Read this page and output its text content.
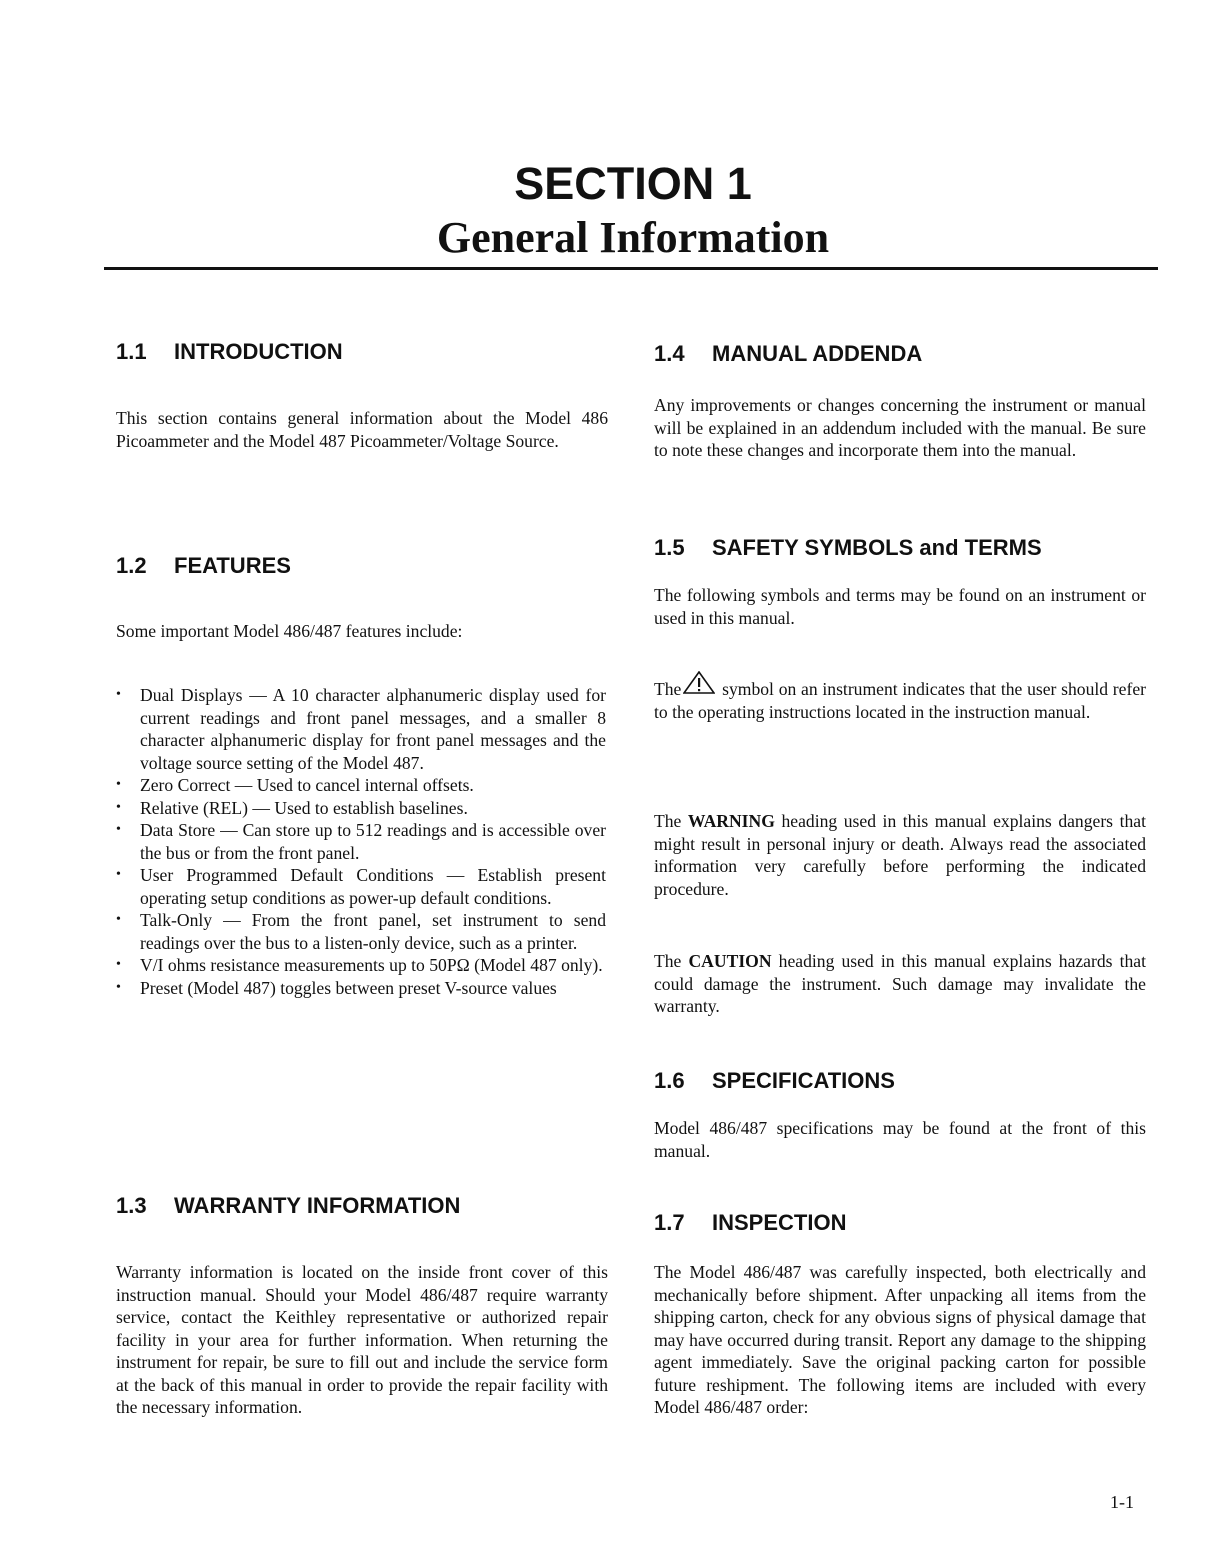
SECTION 1
General Information
1.1 INTRODUCTION
This section contains general information about the Model 486 Picoammeter and the Model 487 Picoammeter/Voltage Source.
1.2 FEATURES
Some important Model 486/487 features include:
• Dual Displays — A 10 character alphanumeric display used for current readings and front panel messages, and a smaller 8 character alphanumeric display for front panel messages and the voltage source setting of the Model 487.
• Zero Correct — Used to cancel internal offsets.
• Relative (REL) — Used to establish baselines.
• Data Store — Can store up to 512 readings and is accessible over the bus or from the front panel.
• User Programmed Default Conditions — Establish present operating setup conditions as power-up default conditions.
• Talk-Only — From the front panel, set instrument to send readings over the bus to a listen-only device, such as a printer.
• V/I ohms resistance measurements up to 50PΩ (Model 487 only).
• Preset (Model 487) toggles between preset V-source values
1.3 WARRANTY INFORMATION
Warranty information is located on the inside front cover of this instruction manual. Should your Model 486/487 require warranty service, contact the Keithley representative or authorized repair facility in your area for further information. When returning the instrument for repair, be sure to fill out and include the service form at the back of this manual in order to provide the repair facility with the necessary information.
1.4 MANUAL ADDENDA
Any improvements or changes concerning the instrument or manual will be explained in an addendum included with the manual. Be sure to note these changes and incorporate them into the manual.
1.5 SAFETY SYMBOLS and TERMS
The following symbols and terms may be found on an instrument or used in this manual.
The symbol on an instrument indicates that the user should refer to the operating instructions located in the instruction manual.
The WARNING heading used in this manual explains dangers that might result in personal injury or death. Always read the associated information very carefully before performing the indicated procedure.
The CAUTION heading used in this manual explains hazards that could damage the instrument. Such damage may invalidate the warranty.
1.6 SPECIFICATIONS
Model 486/487 specifications may be found at the front of this manual.
1.7 INSPECTION
The Model 486/487 was carefully inspected, both electrically and mechanically before shipment. After unpacking all items from the shipping carton, check for any obvious signs of physical damage that may have occurred during transit. Report any damage to the shipping agent immediately. Save the original packing carton for possible future reshipment. The following items are included with every Model 486/487 order:
1-1
